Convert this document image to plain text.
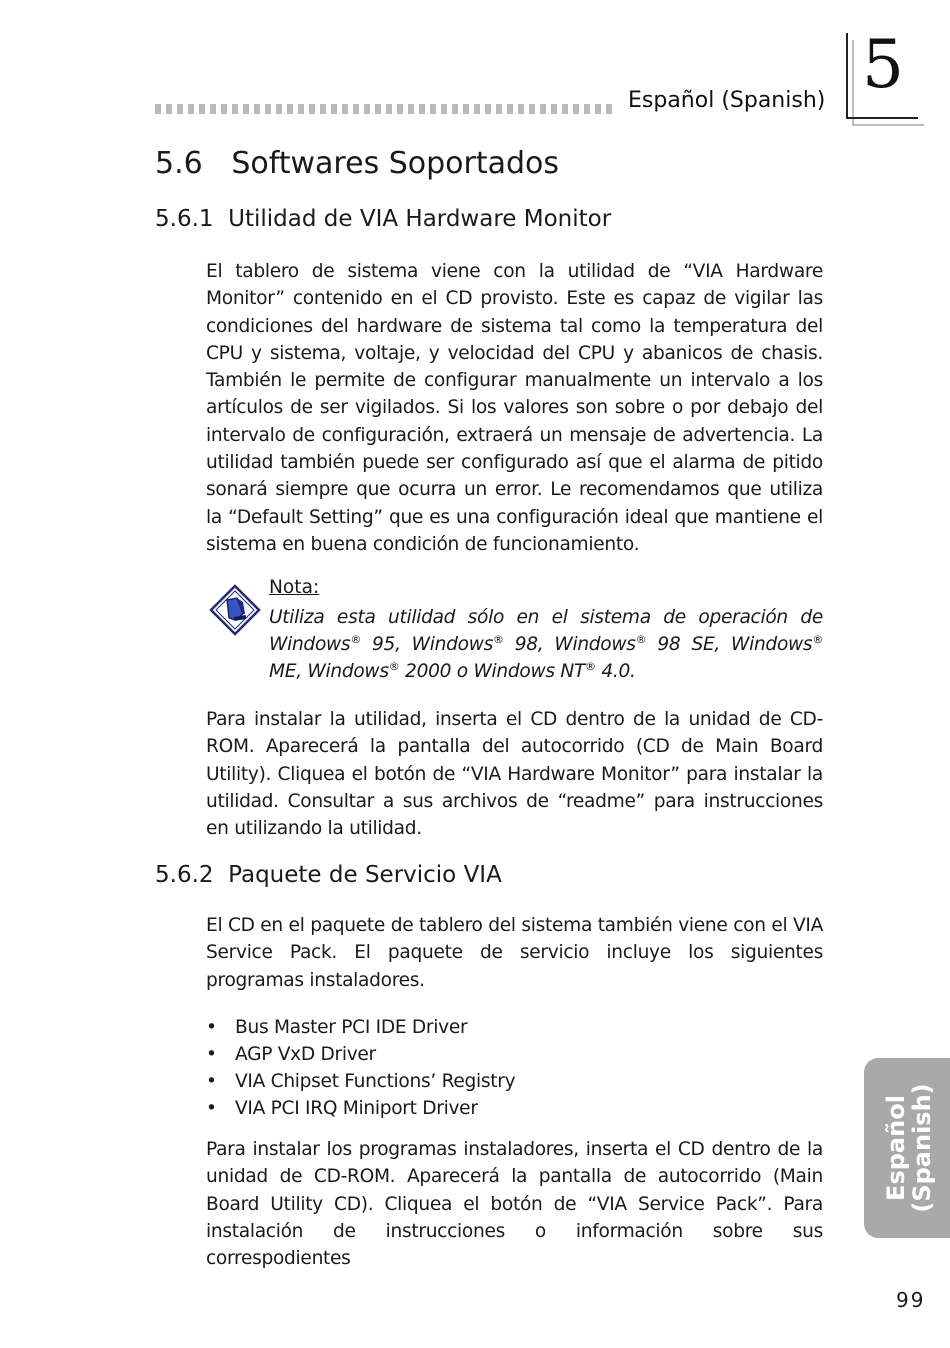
Español (Spanish) 5
5.6   Softwares Soportados
5.6.1  Utilidad de VIA Hardware Monitor

El tablero de sistema viene con la utilidad de “VIA Hardware Monitor” contenido en el CD provisto. Este es capaz de vigilar las condiciones del hardware de sistema tal como la temperatura del CPU y sistema, voltaje, y velocidad del CPU y abanicos de chasis. También le permite de configurar manualmente un intervalo a los artículos de ser vigilados. Si los valores son sobre o por debajo del intervalo de configuración, extraerá un mensaje de advertencia. La utilidad también puede ser configurado así que el alarma de pitido sonará siempre que ocurra un error. Le recomendamos que utiliza la “Default Setting” que es una configuración ideal que mantiene el sistema en buena condición de funcionamiento.

Nota:

Utiliza esta utilidad sólo en el sistema de operación de Windows® 95, Windows® 98, Windows® 98 SE, Windows® ME, Windows® 2000 o Windows NT® 4.0.

Para instalar la utilidad, inserta el CD dentro de la unidad de CD-ROM. Aparecerá la pantalla del autocorrido (CD de Main Board Utility). Cliquea el botón de “VIA Hardware Monitor” para instalar la utilidad. Consultar a sus archivos de “readme” para instrucciones en utilizando la utilidad.

5.6.2  Paquete de Servicio VIA

El CD en el paquete de tablero del sistema también viene con el VIA Service Pack. El paquete de servicio incluye los siguientes programas instaladores.

• Bus Master PCI IDE Driver
• AGP VxD Driver
• VIA Chipset Functions’ Registry
• VIA PCI IRQ Miniport Driver

Para instalar los programas instaladores, inserta el CD dentro de la unidad de CD-ROM. Aparecerá la pantalla de autocorrido (Main Board Utility CD). Cliquea el botón de “VIA Service Pack”. Para instalación de instrucciones o información sobre sus correspodientes

Español
(Spanish)
99
